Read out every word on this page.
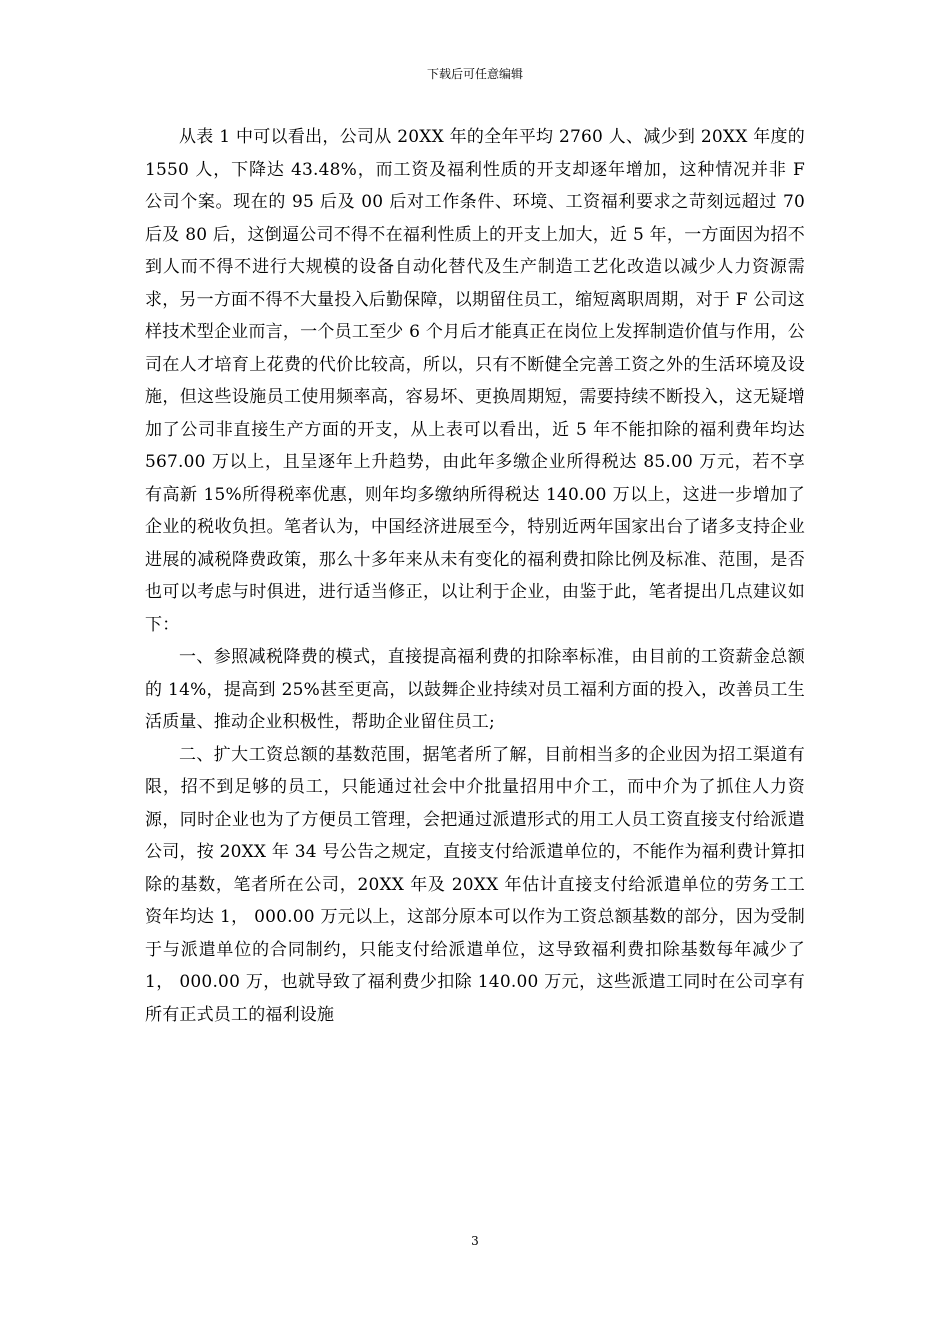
下载后可任意编辑

从表 1 中可以看出，公司从 20XX 年的全年平均 2760 人、减少到 20XX 年度的 1550 人，下降达 43.48%，而工资及福利性质的开支却逐年增加，这种情况并非 F 公司个案。现在的 95 后及 00 后对工作条件、环境、工资福利要求之苛刻远超过 70 后及 80 后，这倒逼公司不得不在福利性质上的开支上加大，近 5 年，一方面因为招不到人而不得不进行大规模的设备自动化替代及生产制造工艺化改造以减少人力资源需求，另一方面不得不大量投入后勤保障，以期留住员工，缩短离职周期，对于 F 公司这样技术型企业而言，一个员工至少 6 个月后才能真正在岗位上发挥制造价值与作用，公司在人才培育上花费的代价比较高，所以，只有不断健全完善工资之外的生活环境及设施，但这些设施员工使用频率高，容易坏、更换周期短，需要持续不断投入，这无疑增加了公司非直接生产方面的开支，从上表可以看出，近 5 年不能扣除的福利费年均达 567.00 万以上，且呈逐年上升趋势，由此年多缴企业所得税达 85.00 万元，若不享有高新 15%所得税率优惠，则年均多缴纳所得税达 140.00 万以上，这进一步增加了企业的税收负担。笔者认为，中国经济进展至今，特别近两年国家出台了诸多支持企业进展的减税降费政策，那么十多年来从未有变化的福利费扣除比例及标准、范围，是否也可以考虑与时俱进，进行适当修正，以让利于企业，由鉴于此，笔者提出几点建议如下：

一、参照减税降费的模式，直接提高福利费的扣除率标准，由目前的工资薪金总额的 14%，提高到 25%甚至更高，以鼓舞企业持续对员工福利方面的投入，改善员工生活质量、推动企业积极性，帮助企业留住员工;

二、扩大工资总额的基数范围，据笔者所了解，目前相当多的企业因为招工渠道有限，招不到足够的员工，只能通过社会中介批量招用中介工，而中介为了抓住人力资源，同时企业也为了方便员工管理，会把通过派遣形式的用工人员工资直接支付给派遣公司，按 20XX 年 34 号公告之规定，直接支付给派遣单位的，不能作为福利费计算扣除的基数，笔者所在公司，20XX 年及 20XX 年估计直接支付给派遣单位的劳务工工资年均达 1， 000.00 万元以上，这部分原本可以作为工资总额基数的部分，因为受制于与派遣单位的合同制约，只能支付给派遣单位，这导致福利费扣除基数每年减少了 1， 000.00 万，也就导致了福利费少扣除 140.00 万元，这些派遣工同时在公司享有所有正式员工的福利设施

3
